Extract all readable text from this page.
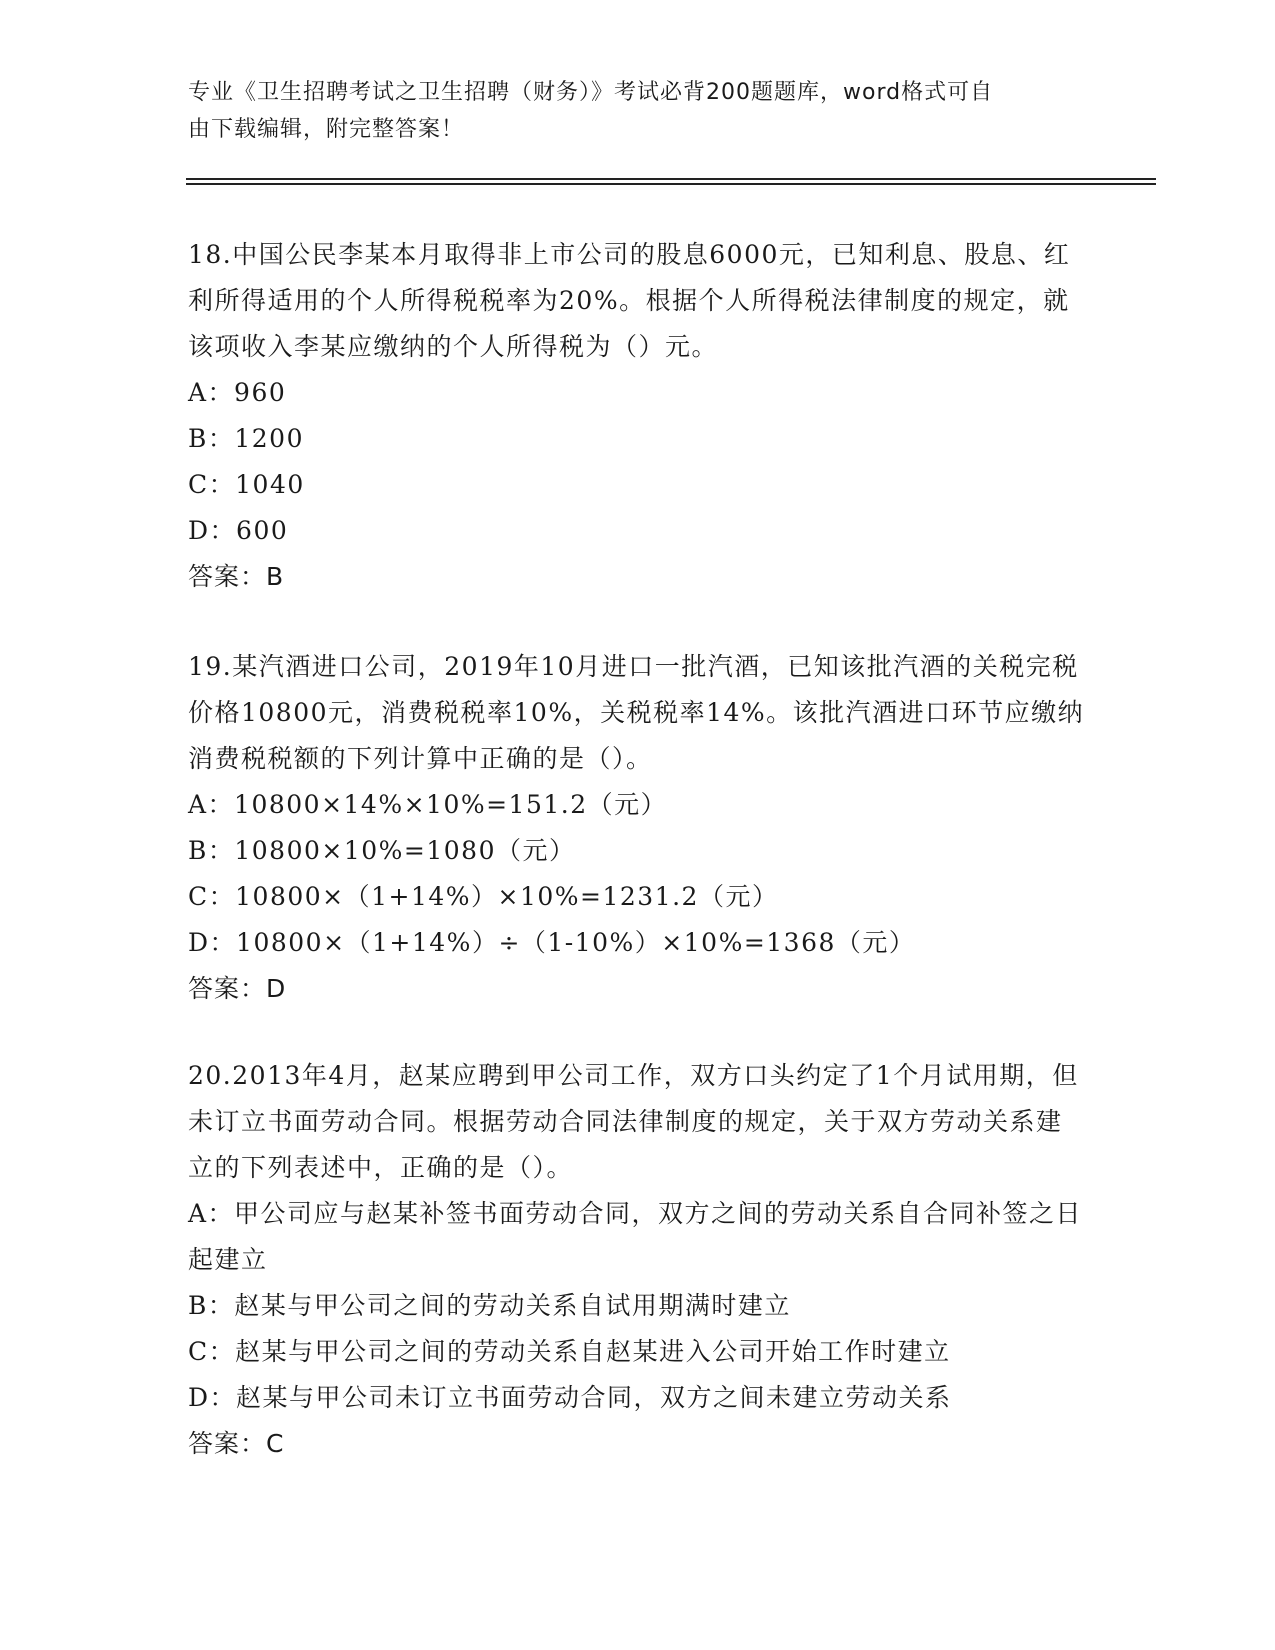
专业《卫生招聘考试之卫生招聘（财务）》考试必背200题题库，word格式可自
由下载编辑，附完整答案！

18.中国公民李某本月取得非上市公司的股息6000元，已知利息、股息、红利所得适用的个人所得税税率为20%。根据个人所得税法律制度的规定，就该项收入李某应缴纳的个人所得税为（）元。

A：960

B：1200

C：1040

D：600

答案：B

19.某汽酒进口公司，2019年10月进口一批汽酒，已知该批汽酒的关税完税价格10800元，消费税税率10%，关税税率14%。该批汽酒进口环节应缴纳消费税税额的下列计算中正确的是（）。

A：10800×14%×10%=151.2（元）

B：10800×10%=1080（元）

C：10800×（1+14%）×10%=1231.2（元）

D：10800×（1+14%）÷（1-10%）×10%=1368（元）

答案：D

20.2013年4月，赵某应聘到甲公司工作，双方口头约定了1个月试用期，但未订立书面劳动合同。根据劳动合同法律制度的规定，关于双方劳动关系建立的下列表述中，正确的是（）。

A：甲公司应与赵某补签书面劳动合同，双方之间的劳动关系自合同补签之日起建立

B：赵某与甲公司之间的劳动关系自试用期满时建立

C：赵某与甲公司之间的劳动关系自赵某进入公司开始工作时建立

D：赵某与甲公司未订立书面劳动合同，双方之间未建立劳动关系

答案：C
